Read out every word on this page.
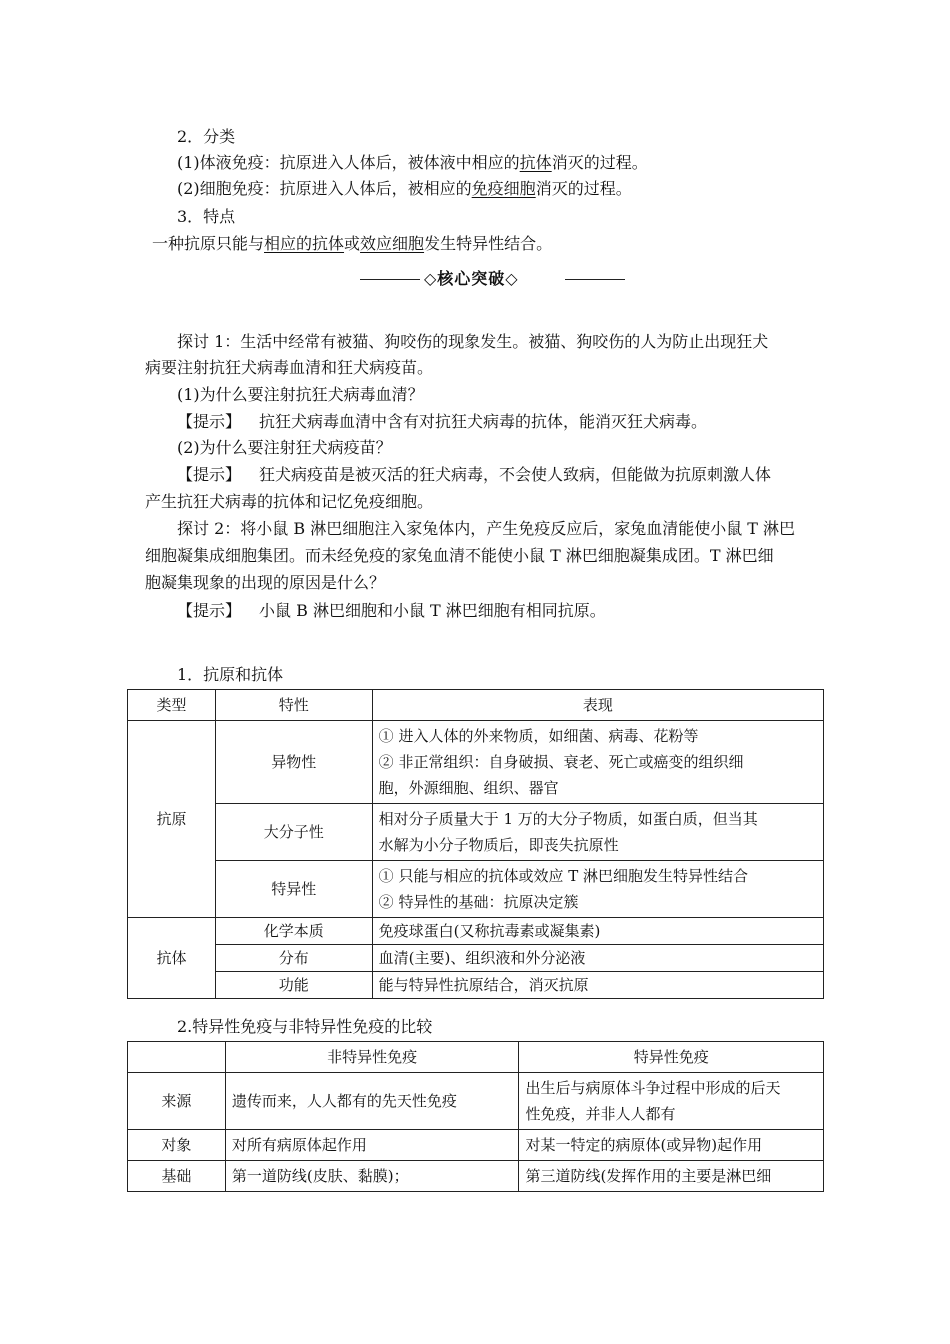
2．分类
(1)体液免疫：抗原进入人体后，被体液中相应的抗体消灭的过程。
(2)细胞免疫：抗原进入人体后，被相应的免疫细胞消灭的过程。
3．特点
一种抗原只能与相应的抗体或效应细胞发生特异性结合。
◇核心突破◇
探讨 1：生活中经常有被猫、狗咬伤的现象发生。被猫、狗咬伤的人为防止出现狂犬
病要注射抗狂犬病毒血清和狂犬病疫苗。
(1)为什么要注射抗狂犬病毒血清？
【提示】 抗狂犬病毒血清中含有对抗狂犬病毒的抗体，能消灭狂犬病毒。
(2)为什么要注射狂犬病疫苗？
【提示】 狂犬病疫苗是被灭活的狂犬病毒，不会使人致病，但能做为抗原刺激人体
产生抗狂犬病毒的抗体和记忆免疫细胞。
探讨 2：将小鼠 B 淋巴细胞注入家兔体内，产生免疫反应后，家兔血清能使小鼠 T 淋巴
细胞凝集成细胞集团。而未经免疫的家兔血清不能使小鼠 T 淋巴细胞凝集成团。T 淋巴细
胞凝集现象的出现的原因是什么？
【提示】 小鼠 B 淋巴细胞和小鼠 T 淋巴细胞有相同抗原。
1．抗原和抗体
类型	特性	表现
抗原	异物性	① 进入人体的外来物质，如细菌、病毒、花粉等
② 非正常组织：自身破损、衰老、死亡或癌变的组织细
胞，外源细胞、组织、器官

	大分子性	相对分子质量大于 1 万的大分子物质，如蛋白质，但当其
水解为小分子物质后，即丧失抗原性

	特异性	① 只能与相应的抗体或效应 T 淋巴细胞发生特异性结合
② 特异性的基础：抗原决定簇

抗体	化学本质	免疫球蛋白(又称抗毒素或凝集素)
	分布	血清(主要)、组织液和外分泌液
	功能	能与特异性抗原结合，消灭抗原
2.特异性免疫与非特异性免疫的比较
	非特异性免疫	特异性免疫
来源	遗传而来，人人都有的先天性免疫	出生后与病原体斗争过程中形成的后天
性免疫，并非人人都有

对象	对所有病原体起作用	对某一特定的病原体(或异物)起作用
基础	第一道防线(皮肤、黏膜)；	第三道防线(发挥作用的主要是淋巴细
